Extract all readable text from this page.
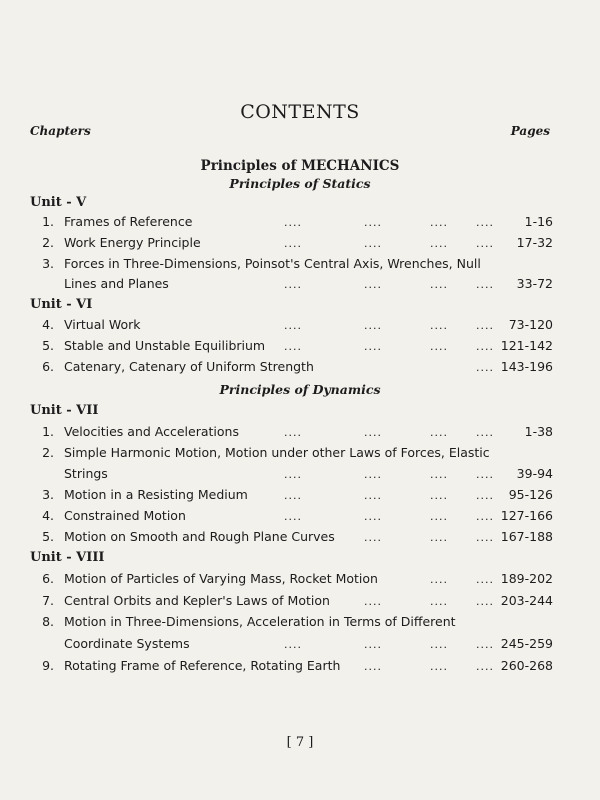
CONTENTS
Chapters	Pages
Principles of MECHANICS
Principles of Statics
Unit - V
1. Frames of Reference	....	....	....	.... 1-16
2. Work Energy Principle	....	....	....	.... 17-32
3. Forces in Three-Dimensions, Poinsot's Central Axis, Wrenches, Null
Lines and Planes	....	....	....	.... 33-72
Unit - VI
4. Virtual Work	....	....	....	.... 73-120
5. Stable and Unstable Equilibrium ....	....	....	.... 121-142
6. Catenary, Catenary of Uniform Strength	.... 143-196
Principles of Dynamics
Unit - VII
1. Velocities and Accelerations	....	....	....	.... 1-38
2. Simple Harmonic Motion, Motion under other Laws of Forces, Elastic
Strings	....	....	....	.... 39-94
3. Motion in a Resisting Medium	....	....	....	.... 95-126
4. Constrained Motion	....	....	....	.... 127-166
5. Motion on Smooth and Rough Plane Curves	....	....	.... 167-188
Unit - VIII
6. Motion of Particles of Varying Mass, Rocket Motion	....	.... 189-202
7. Central Orbits and Kepler's Laws of Motion	....	....	.... 203-244
8. Motion in Three-Dimensions, Acceleration in Terms of Different
Coordinate Systems	....	....	....	.... 245-259
9. Rotating Frame of Reference, Rotating Earth ....	....	.... 260-268
[ 7 ]
